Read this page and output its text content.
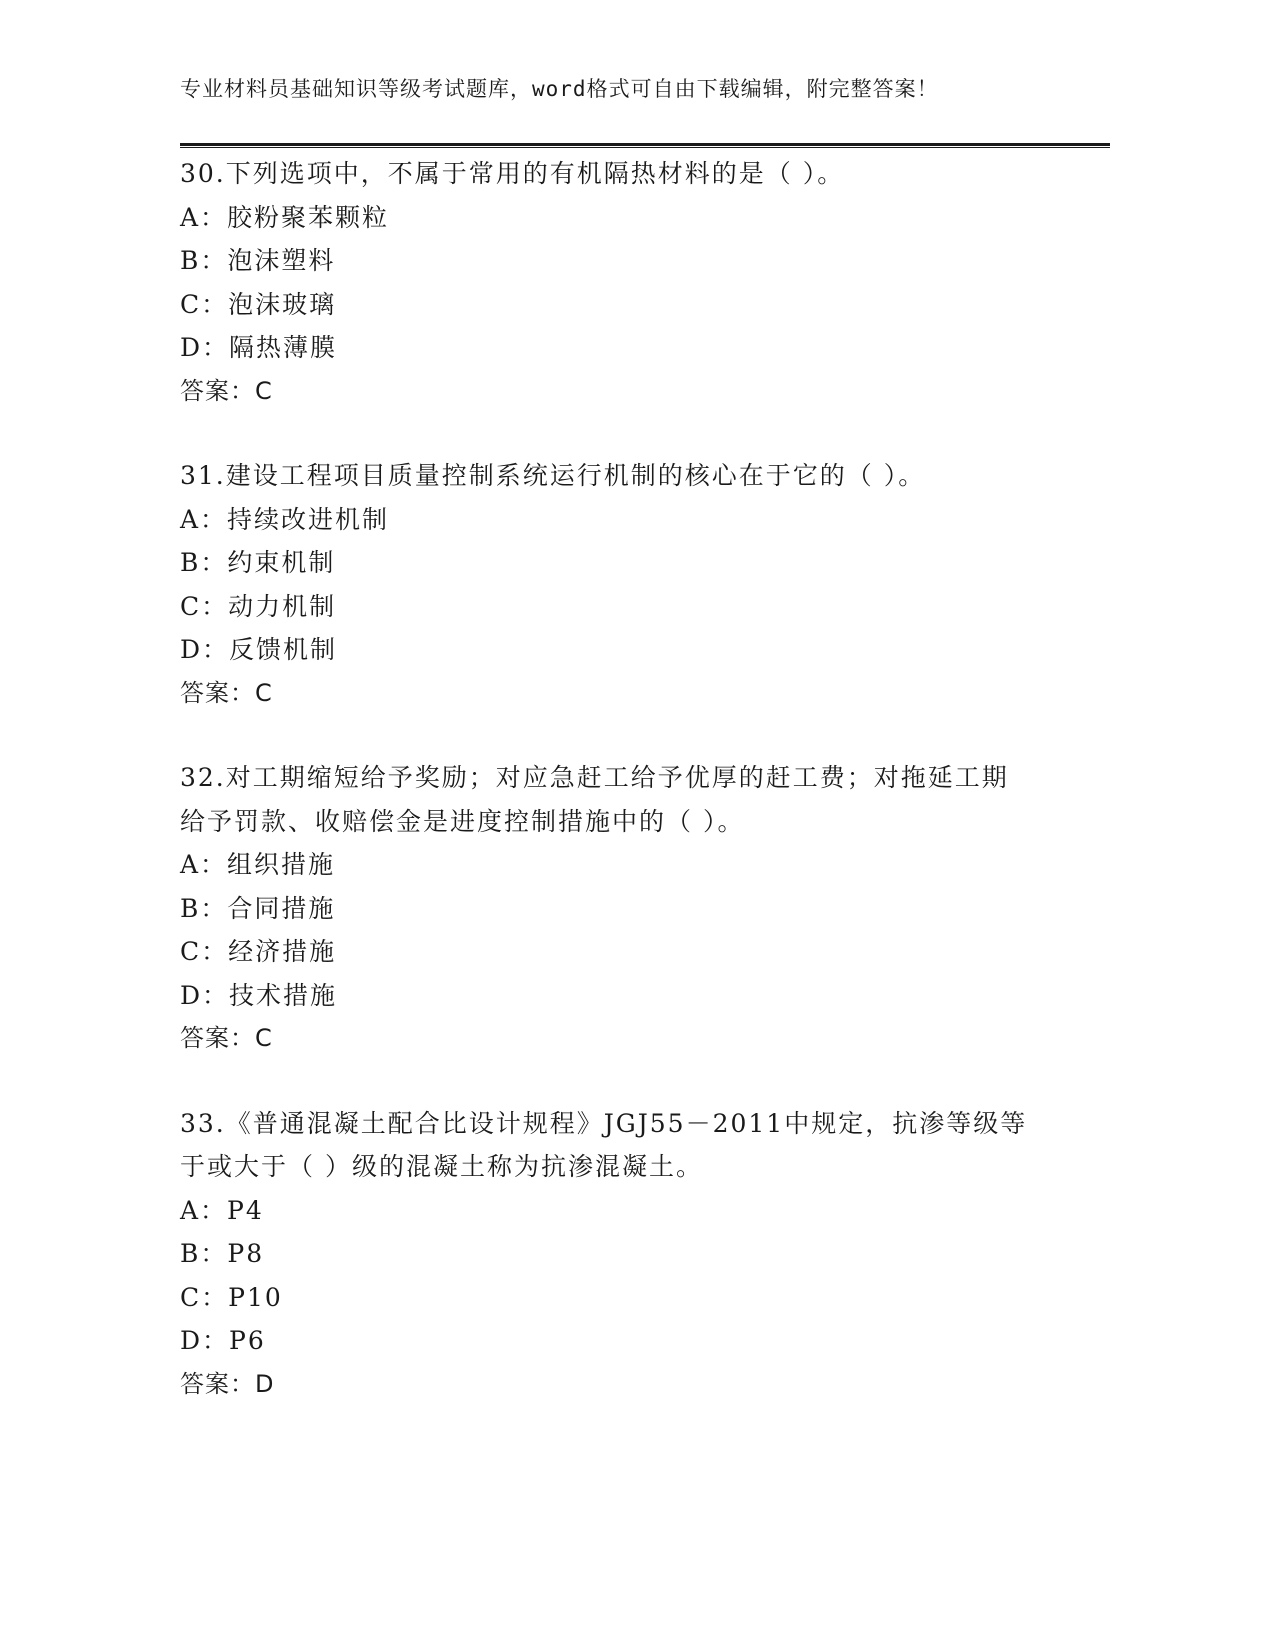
专业材料员基础知识等级考试题库，word格式可自由下载编辑，附完整答案！
30.下列选项中，不属于常用的有机隔热材料的是（ ）。
A：胶粉聚苯颗粒
B：泡沫塑料
C：泡沫玻璃
D：隔热薄膜
答案：C
31.建设工程项目质量控制系统运行机制的核心在于它的（ ）。
A：持续改进机制
B：约束机制
C：动力机制
D：反馈机制
答案：C
32.对工期缩短给予奖励；对应急赶工给予优厚的赶工费；对拖延工期
给予罚款、收赔偿金是进度控制措施中的（ ）。
A：组织措施
B：合同措施
C：经济措施
D：技术措施
答案：C
33.《普通混凝土配合比设计规程》JGJ55－2011中规定，抗渗等级等
于或大于（ ）级的混凝土称为抗渗混凝土。
A：P4
B：P8
C：P10
D：P6
答案：D
